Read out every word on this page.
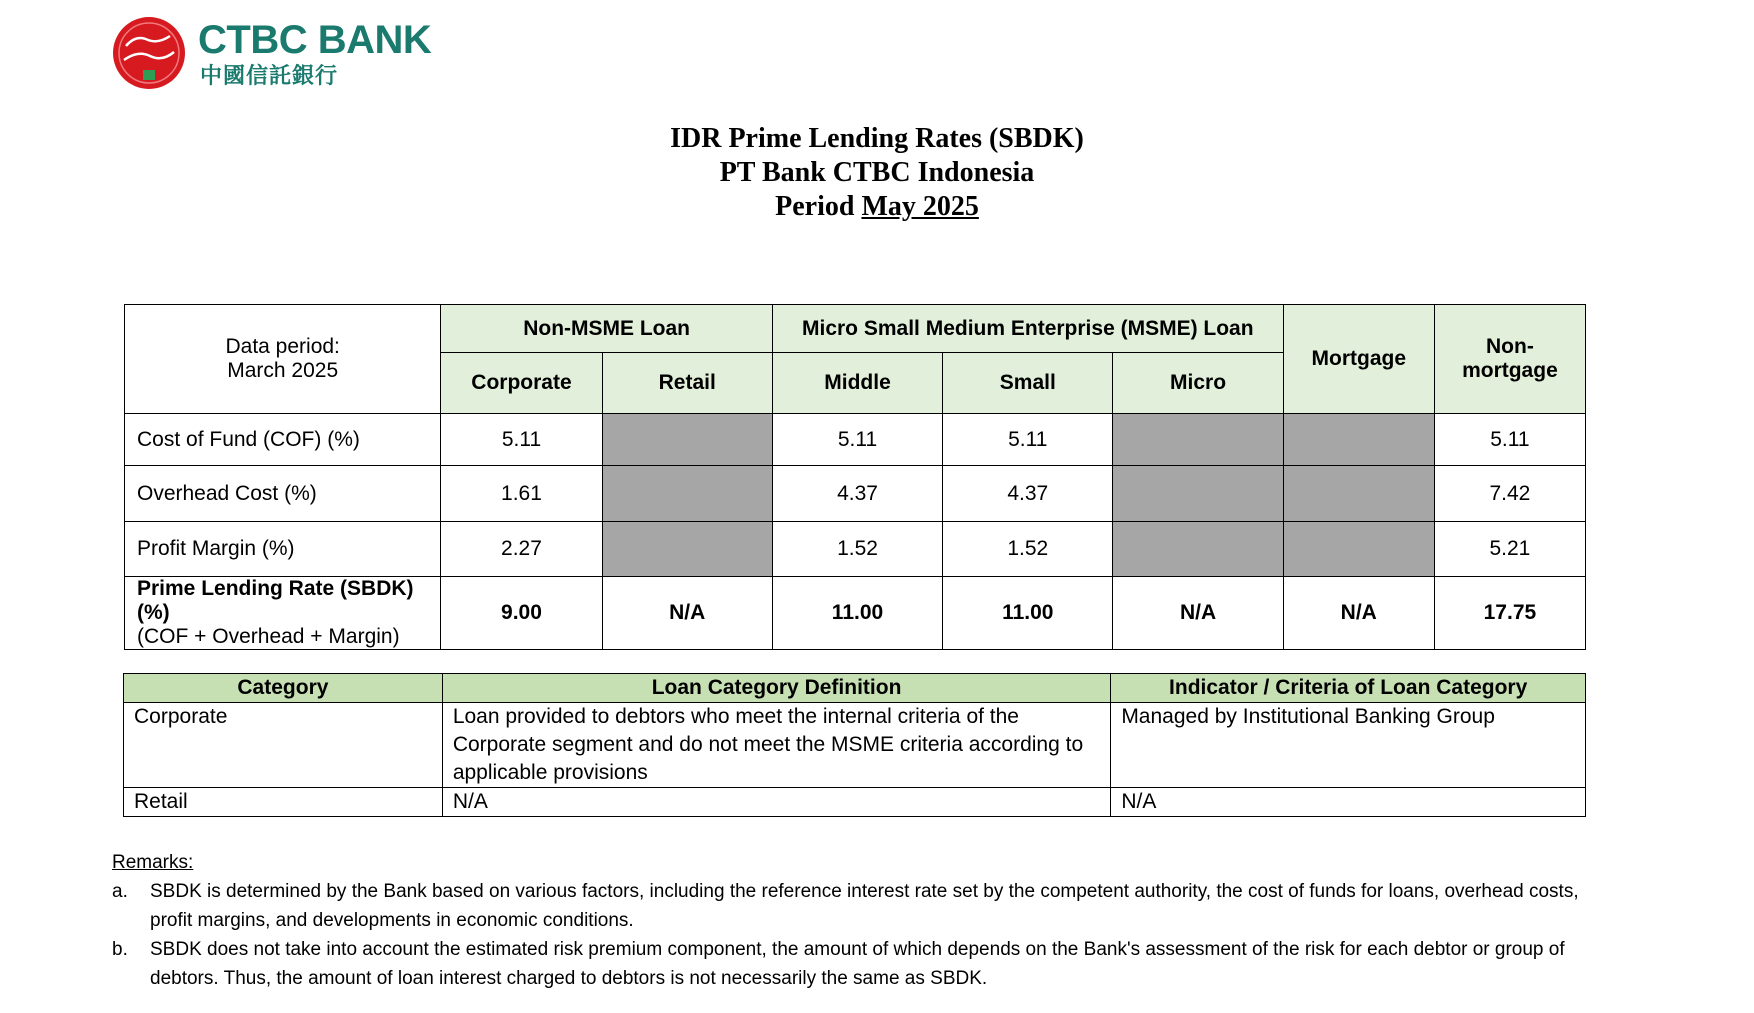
CTBC BANK
中國信託銀行
IDR Prime Lending Rates (SBDK)
PT Bank CTBC Indonesia
Period May 2025
Data period:
March 2025	Non-MSME Loan		Micro Small Medium Enterprise (MSME) Loan			Mortgage	Non-mortgage
	Corporate	Retail	Middle	Small	Micro		
Cost of Fund (COF) (%)	5.11		5.11	5.11			5.11
Overhead Cost (%)	1.61		4.37	4.37			7.42
Profit Margin (%)	2.27		1.52	1.52			5.21

Prime Lending Rate (SBDK) (%)
(COF + Overhead + Margin)	9.00	N/A	11.00	11.00	N/A	N/A	17.75
Category	Loan Category Definition	Indicator / Criteria of Loan Category
Corporate	Loan provided to debtors who meet the internal criteria of the Corporate segment and do not meet the MSME criteria according to applicable provisions	Managed by Institutional Banking Group
Retail	N/A	N/A
Remarks:
a. SBDK is determined by the Bank based on various factors, including the reference interest rate set by the competent authority, the cost of funds for loans, overhead costs, profit margins, and developments in economic conditions.
b. SBDK does not take into account the estimated risk premium component, the amount of which depends on the Bank's assessment of the risk for each debtor or group of debtors. Thus, the amount of loan interest charged to debtors is not necessarily the same as SBDK.
